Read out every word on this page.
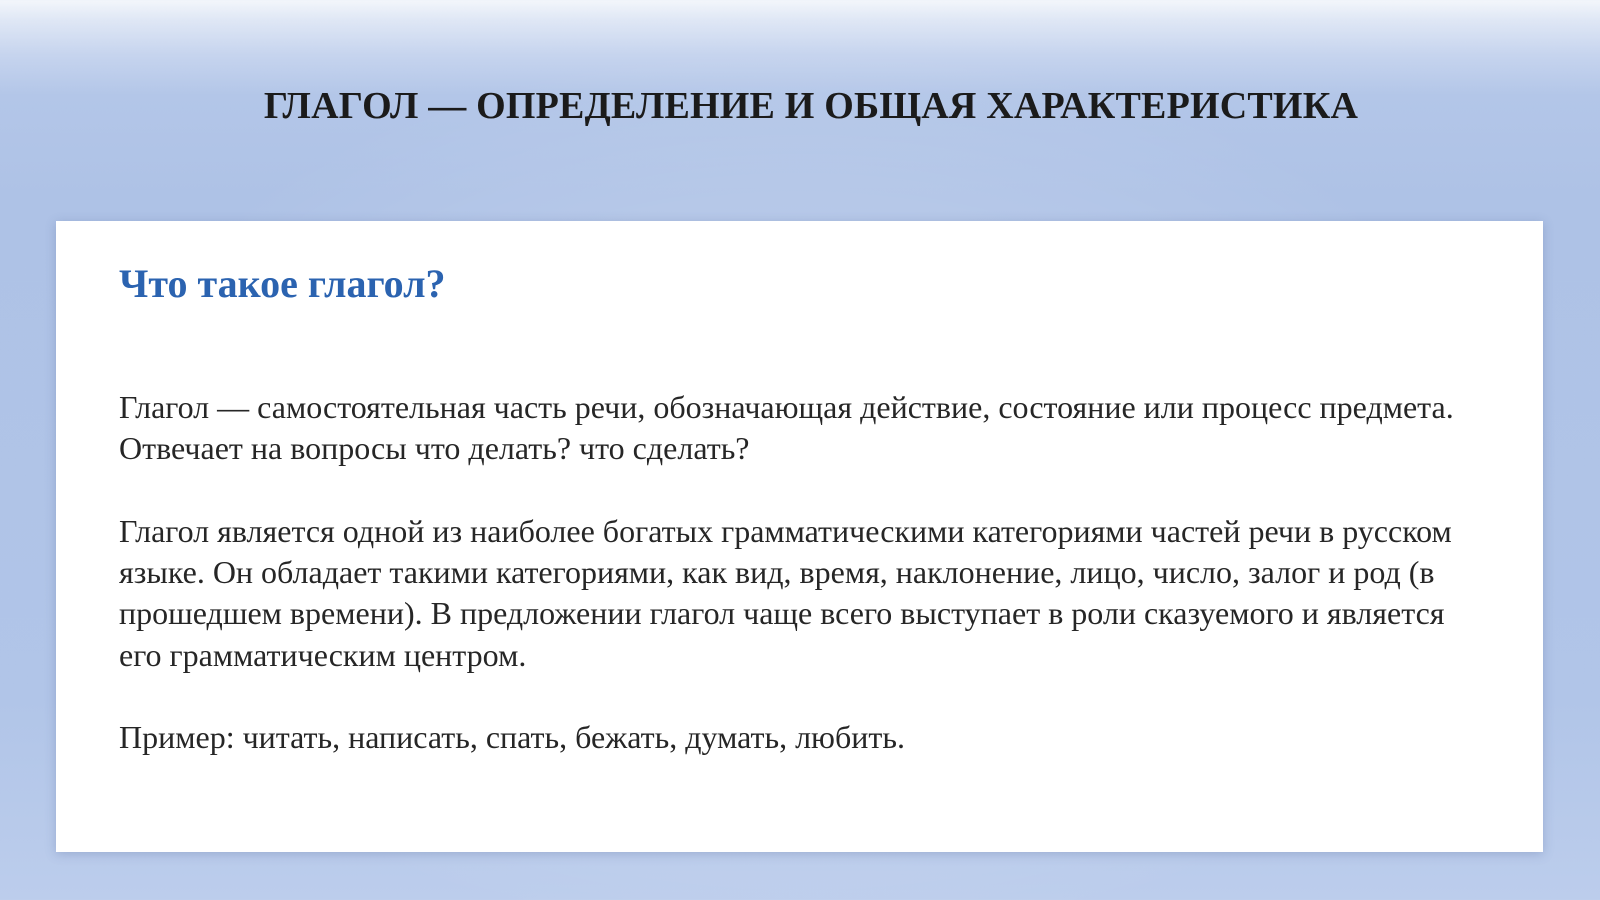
ГЛАГОЛ — ОПРЕДЕЛЕНИЕ И ОБЩАЯ ХАРАКТЕРИСТИКА
Что такое глагол?

Глагол — самостоятельная часть речи, обозначающая действие, состояние или процесс предмета. Отвечает на вопросы что делать? что сделать?

Глагол является одной из наиболее богатых грамматическими категориями частей речи в русском языке. Он обладает такими категориями, как вид, время, наклонение, лицо, число, залог и род (в прошедшем времени). В предложении глагол чаще всего выступает в роли сказуемого и является его грамматическим центром.

Пример: читать, написать, спать, бежать, думать, любить.
